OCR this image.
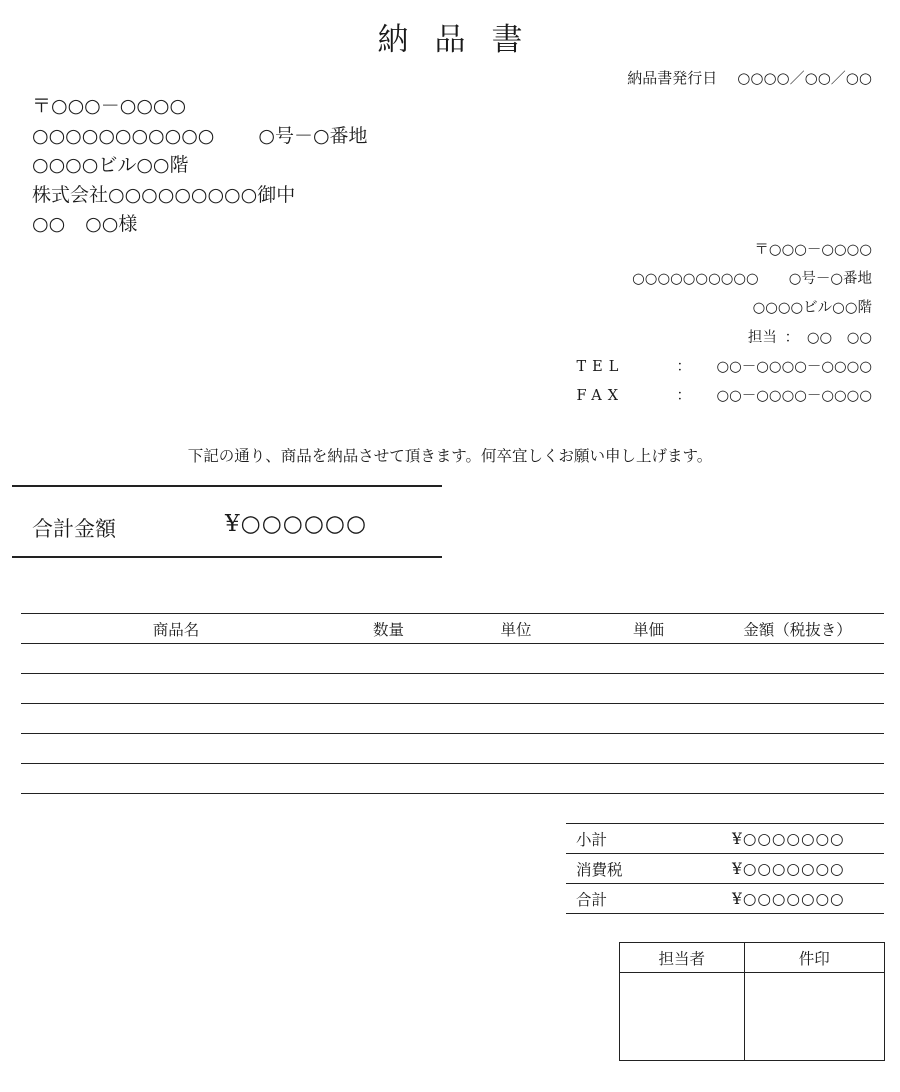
納品書
納品書発行日 ○○○○／○○／○○
〒○○○－○○○○
○○○○○○○○○○○ ○号－○番地
○○○○ビル○○階
株式会社○○○○○○○○○御中
○○ ○○様
〒○○○－○○○○
○○○○○○○○○○ ○号－○番地
○○○○ビル○○階
担当 ： ○○　○○
TEL	： ○○－○○○○－○○○○
FAX	： ○○－○○○○－○○○○
下記の通り、商品を納品させて頂きます。何卒宜しくお願い申し上げます。
合計金額	¥○○○○○○
商品名	数量	単位	単価	金額（税抜き）

小計	¥○○○○○○○
消費税	¥○○○○○○○
合計	¥○○○○○○○
担当者	件印
